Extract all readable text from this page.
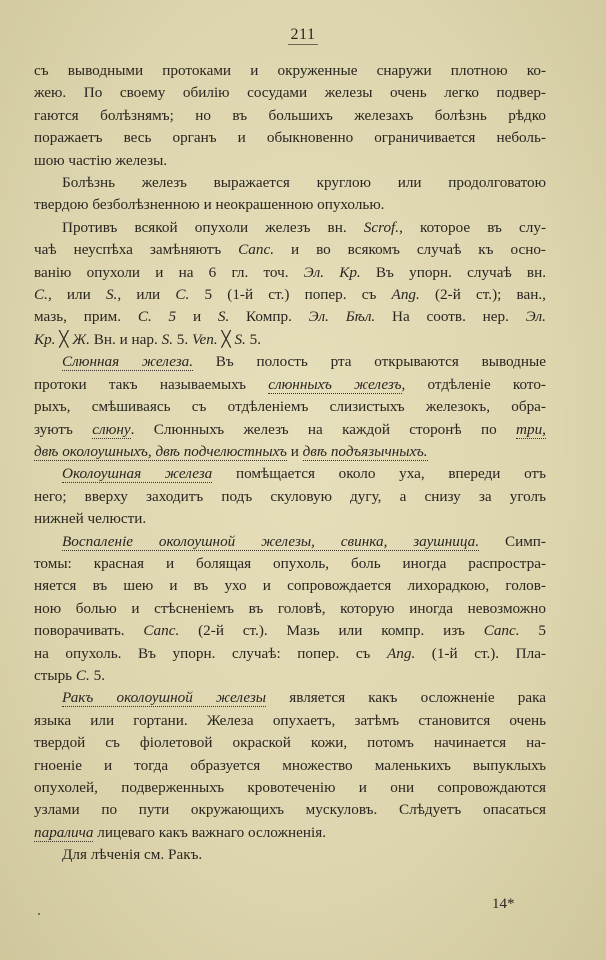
211
съ выводными протоками и окруженные снаружи плотною ко-
жею. По своему обилію сосудами железы очень легко подвер-
гаются болѣзнямъ; но въ большихъ железахъ болѣзнь рѣдко
поражаетъ весь органъ и обыкновенно ограничивается неболь-
шою частію железы.
Болѣзнь железъ выражается круглою или продолговатою
твердою безболѣзненною и неокрашенною опухолью.
Противъ всякой опухоли железъ вн. Scrof., которое въ слу-
чаѣ неуспѣха замѣняютъ Caпс. и во всякомъ случаѣ къ осно-
ванію опухоли и на 6 гл. точ. Эл. Кр. Въ упорн. случаѣ вн.
C., или S., или C. 5 (1-й ст.) попер. съ Ang. (2-й ст.); ван.,
мазь, прим. C. 5 и S. Компр. Эл. Бѣл. На соотв. нер. Эл.
Кр. ╳ Ж. Вн. и нар. S. 5. Ven. ╳ S. 5.
Слюнная железа. Въ полость рта открываются выводные
протоки такъ называемыхъ слюнныхъ железъ, отдѣленіе кото-
рыхъ, смѣшиваясь съ отдѣленіемъ слизистыхъ железокъ, обра-
зуютъ слюну. Слюнныхъ железъ на каждой сторонѣ по три,
двѣ околоушныхъ, двѣ подчелюстныхъ и двѣ подъязычныхъ.
Околоушная железа помѣщается около уха, впереди отъ
него; вверху заходитъ подъ скуловую дугу, а снизу за уголъ
нижней челюсти.
Воспаленіе околоушной железы, свинка, заушница. Симп-
томы: красная и болящая опухоль, боль иногда распростра-
няется въ шею и въ ухо и сопровождается лихорадкою, голов-
ною болью и стѣсненіемъ въ головѣ, которую иногда невозможно
поворачивать. Caпс. (2-й ст.). Мазь или компр. изъ Caпс. 5
на опухоль. Въ упорн. случаѣ: попер. съ Ang. (1-й ст.). Пла-
стырь C. 5.
Ракъ околоушной железы является какъ осложненіе рака
языка или гортани. Железа опухаетъ, затѣмъ становится очень
твердой съ фіолетовой окраской кожи, потомъ начинается на-
гноеніе и тогда образуется множество маленькихъ выпуклыхъ
опухолей, подверженныхъ кровотеченію и они сопровождаются
узлами по пути окружающихъ мускуловъ. Слѣдуетъ опасаться
паралича лицеваго какъ важнаго осложненія.
Для лѣченія см. Ракъ.
14*
